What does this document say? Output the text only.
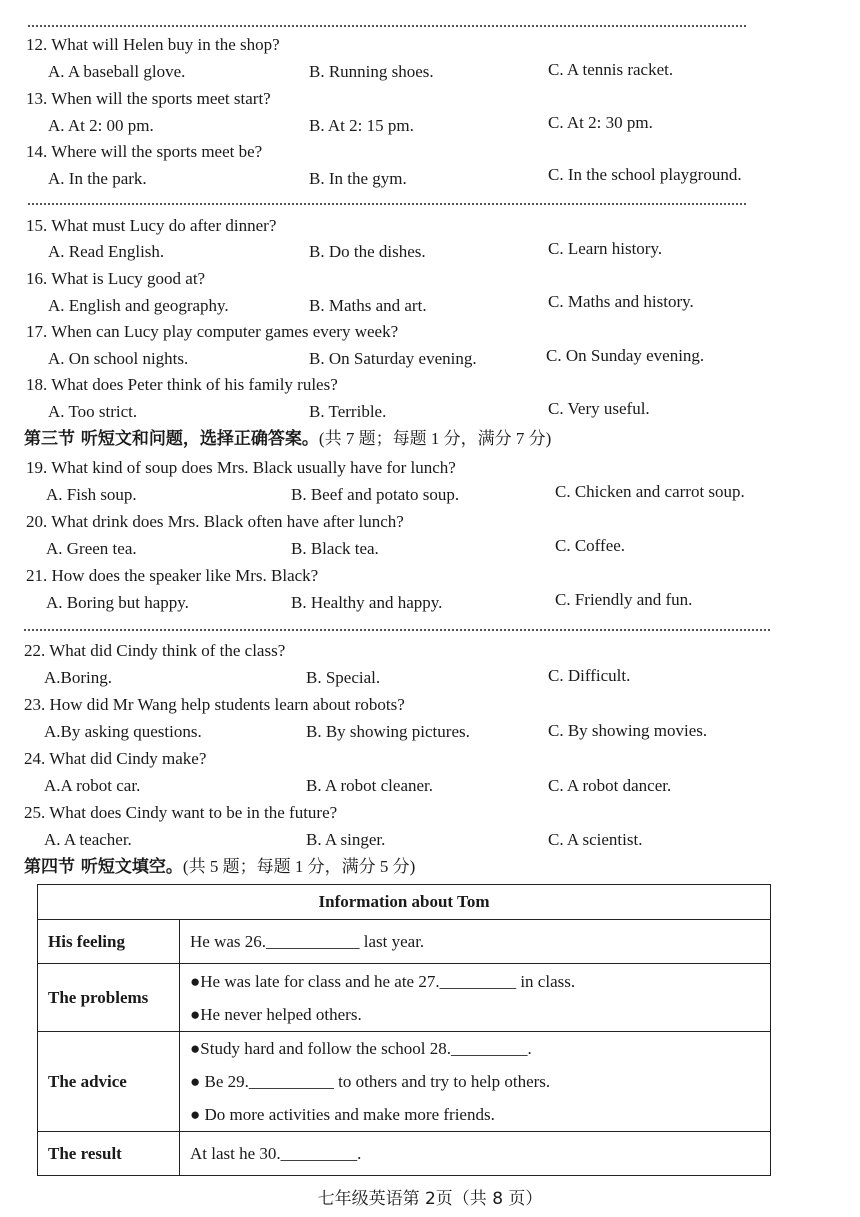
12. What will Helen buy in the shop?
A. A baseball glove.	B. Running shoes.	C. A tennis racket.
13. When will the sports meet start?
A. At 2: 00 pm.	B. At 2: 15 pm.	C. At 2: 30 pm.
14. Where will the sports meet be?
A. In the park.	B. In the gym.	C. In the school playground.
15. What must Lucy do after dinner?
A. Read English.	B. Do the dishes.	C. Learn history.
16. What is Lucy good at?
A. English and geography.	B. Maths and art.	C. Maths and history.
17. When can Lucy play computer games every week?
A. On school nights.	B. On Saturday evening.	C. On Sunday evening.
18. What does Peter think of his family rules?
A. Too strict.	B. Terrible.	C. Very useful.
第三节 听短文和问题，选择正确答案。(共 7 题；每题 1 分，满分 7 分)
19. What kind of soup does Mrs. Black usually have for lunch?
A. Fish soup.	B. Beef and potato soup.	C. Chicken and carrot soup.
20. What drink does Mrs. Black often have after lunch?
A. Green tea.	B. Black tea.	C. Coffee.
21. How does the speaker like Mrs. Black?
A. Boring but happy.	B. Healthy and happy.	C. Friendly and fun.
22. What did Cindy think of the class?
A.Boring.	B. Special.	C. Difficult.
23. How did Mr Wang help students learn about robots?
A.By asking questions.	B. By showing pictures.	C. By showing movies.
24. What did Cindy make?
A.A robot car.	B. A robot cleaner.	C. A robot dancer.
25. What does Cindy want to be in the future?
A. A teacher.	B. A singer.	C. A scientist.
第四节 听短文填空。(共 5 题；每题 1 分，满分 5 分)
Information about Tom	
His feeling	He was 26.___________ last year.

The problems	●He was late for class and he ate 27._________ in class.
●He never helped others.

The advice	●Study hard and follow the school 28._________.
● Be 29.__________ to others and try to help others.
● Do more activities and make more friends.

The result	At last he 30._________.
七年级英语第 2页（共 8 页）
